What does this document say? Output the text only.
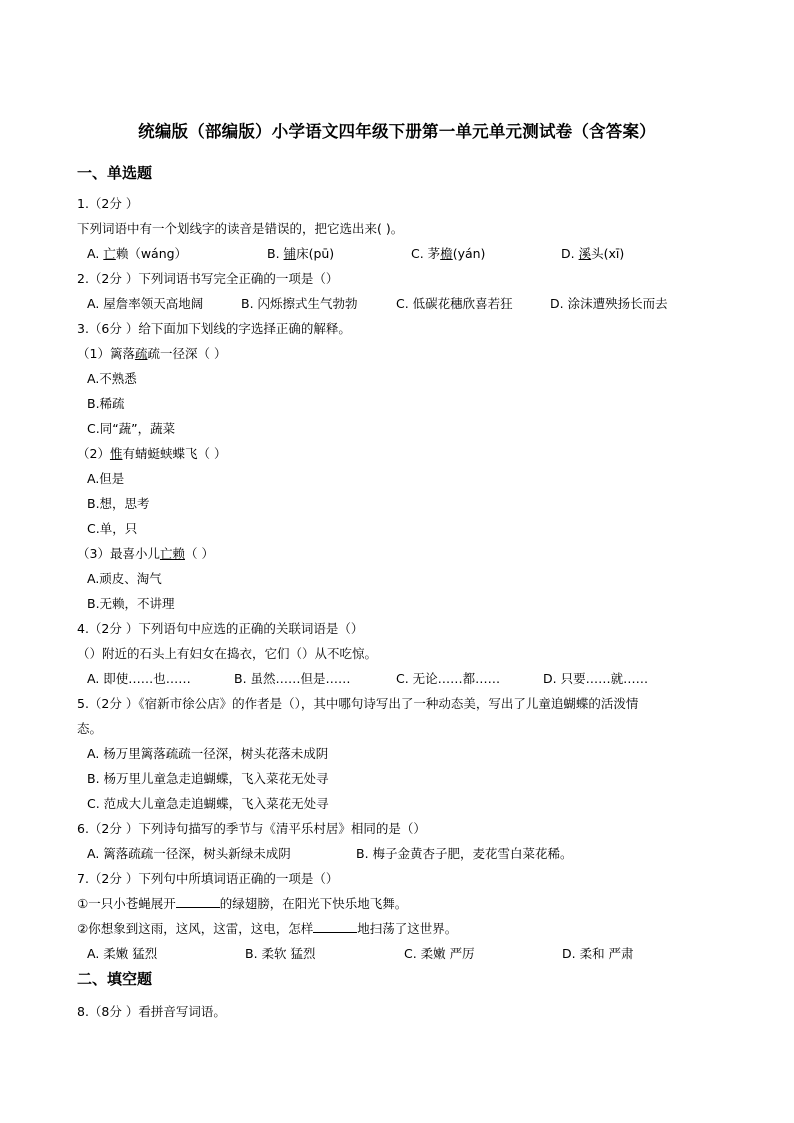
统编版（部编版）小学语文四年级下册第一单元单元测试卷（含答案）
一、单选题
1.（2分 ）
下列词语中有一个划线字的读音是错误的，把它选出来( )。
A. 亡赖（wáng）	B. 铺床(pū)	C. 茅檐(yán)	D. 溪头(xī)
2.（2分 ）下列词语书写完全正确的一项是（）
A. 屋詹率领天高地阔	B. 闪烁擦式生气勃勃	C. 低碳花穗欣喜若狂	D. 涂沫遭殃扬长而去
3.（6分 ）给下面加下划线的字选择正确的解释。
（1）篱落疏疏一径深（ ）
A.不熟悉
B.稀疏
C.同“蔬”，蔬菜
（2）惟有蜻蜓蛱蝶飞（ ）
A.但是
B.想，思考
C.单，只
（3）最喜小儿亡赖（ ）
A.顽皮、淘气
B.无赖，不讲理
4.（2分 ）下列语句中应选的正确的关联词语是（）
（）附近的石头上有妇女在捣衣，它们（）从不吃惊。
A. 即使……也……	B. 虽然……但是……	C. 无论……都……	D. 只要……就……
5.（2分 ）《宿新市徐公店》的作者是（），其中哪句诗写出了一种动态美，写出了儿童追蝴蝶的活泼情
态。
A. 杨万里篱落疏疏一径深，树头花落未成阴
B. 杨万里儿童急走追蝴蝶，飞入菜花无处寻
C. 范成大儿童急走追蝴蝶，飞入菜花无处寻
6.（2分 ）下列诗句描写的季节与《清平乐村居》相同的是（）
A. 篱落疏疏一径深，树头新绿未成阴	B. 梅子金黄杏子肥，麦花雪白菜花稀。
7.（2分 ）下列句中所填词语正确的一项是（）
①一只小苍蝇展开	的绿翅膀，在阳光下快乐地飞舞。
②你想象到这雨，这风，这雷，这电，怎样	地扫荡了这世界。
A. 柔嫩 猛烈	B. 柔软 猛烈	C. 柔嫩 严厉	D. 柔和 严肃
二、填空题
8.（8分 ）看拼音写词语。
